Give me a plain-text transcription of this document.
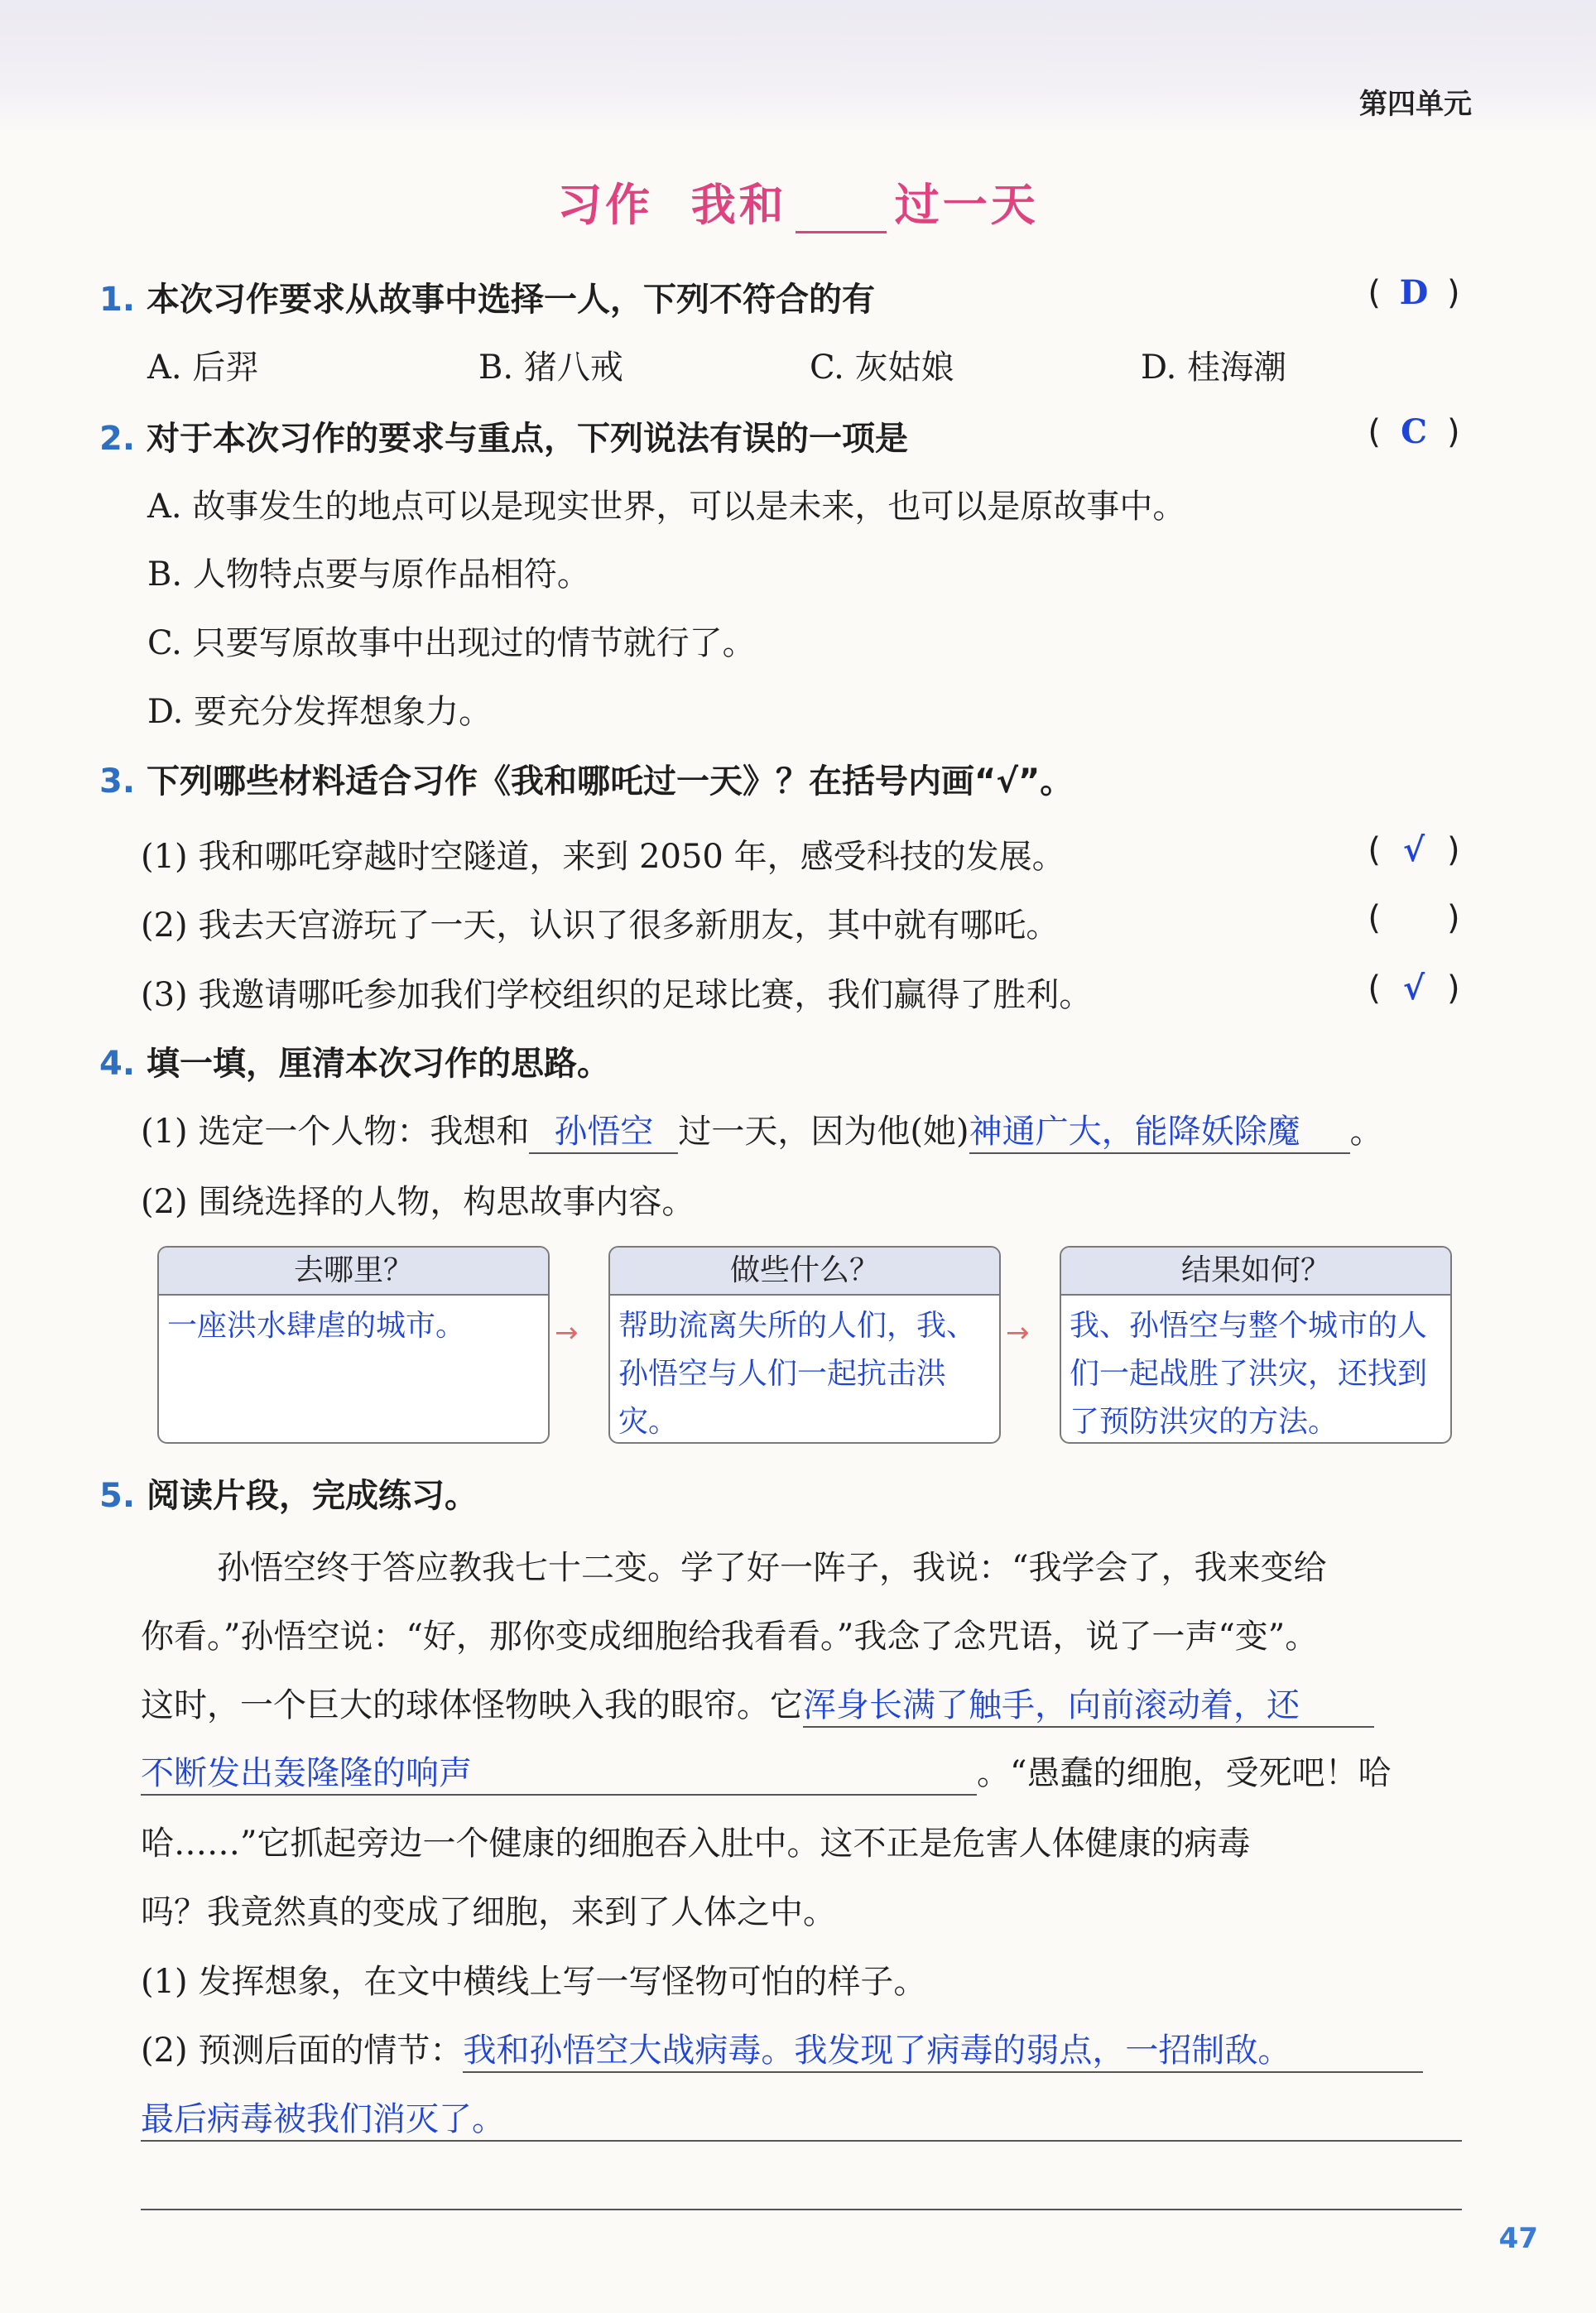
第四单元
习作 我和 过一天
1. 本次习作要求从故事中选择一人，下列不符合的有	( D )
A. 后羿	B. 猪八戒	C. 灰姑娘	D. 桂海潮
2. 对于本次习作的要求与重点，下列说法有误的一项是	( C )
A. 故事发生的地点可以是现实世界，可以是未来，也可以是原故事中。
B. 人物特点要与原作品相符。
C. 只要写原故事中出现过的情节就行了。
D. 要充分发挥想象力。
3. 下列哪些材料适合习作《我和哪吒过一天》？在括号内画“√”。
(1) 我和哪吒穿越时空隧道，来到 2050 年，感受科技的发展。	( √ )
(2) 我去天宫游玩了一天，认识了很多新朋友，其中就有哪吒。	( )
(3) 我邀请哪吒参加我们学校组织的足球比赛，我们赢得了胜利。	( √ )
4. 填一填，厘清本次习作的思路。
(1) 选定一个人物：我想和 孙悟空 过一天，因为他(她)神通广大，能降妖除魔 。
(2) 围绕选择的人物，构思故事内容。
去哪里？
一座洪水肆虐的城市。	→
做些什么？
帮助流离失所的人们，我、孙悟空与人们一起抗击洪灾。
→
结果如何？
我、孙悟空与整个城市的人们一起战胜了洪灾，还找到了预防洪灾的方法。
5. 阅读片段，完成练习。
孙悟空终于答应教我七十二变。学了好一阵子，我说：“我学会了，我来变给
你看。”孙悟空说：“好，那你变成细胞给我看看。”我念了念咒语，说了一声“变”。
这时，一个巨大的球体怪物映入我的眼帘。它浑身长满了触手，向前滚动着，还
不断发出轰隆隆的响声	。“愚蠢的细胞，受死吧！哈
哈……”它抓起旁边一个健康的细胞吞入肚中。这不正是危害人体健康的病毒
吗？我竟然真的变成了细胞，来到了人体之中。
(1) 发挥想象，在文中横线上写一写怪物可怕的样子。
(2) 预测后面的情节：我和孙悟空大战病毒。我发现了病毒的弱点，一招制敌。
最后病毒被我们消灭了。
47
